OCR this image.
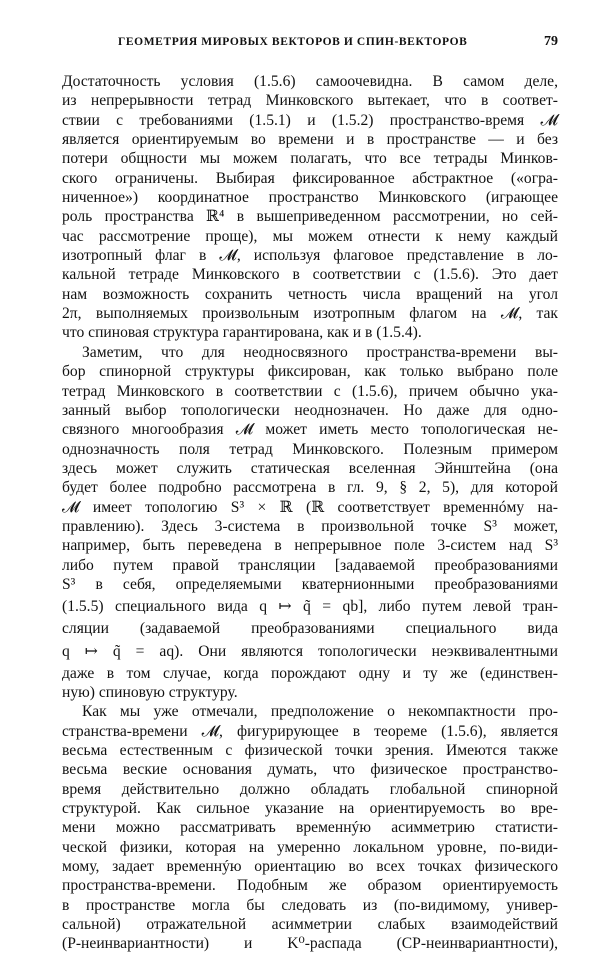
ГЕОМЕТРИЯ МИРОВЫХ ВЕКТОРОВ И СПИН-ВЕКТОРОВ	79
Достаточность условия (1.5.6) самоочевидна. В самом деле,
из непрерывности тетрад Минковского вытекает, что в соответ-
ствии с требованиями (1.5.1) и (1.5.2) пространство-время 𝓜
является ориентируемым во времени и в пространстве — и без
потери общности мы можем полагать, что все тетрады Минков-
ского ограничены. Выбирая фиксированное абстрактное («огра-
ниченное») координатное пространство Минковского (играющее
роль пространства ℝ⁴ в вышеприведенном рассмотрении, но сей-
час рассмотрение проще), мы можем отнести к нему каждый
изотропный флаг в 𝓜, используя флаговое представление в ло-
кальной тетраде Минковского в соответствии с (1.5.6). Это дает
нам возможность сохранить четность числа вращений на угол
2π, выполняемых произвольным изотропным флагом на 𝓜, так
что спиновая структура гарантирована, как и в (1.5.4).
Заметим, что для неодносвязного пространства-времени вы-
бор спинорной структуры фиксирован, как только выбрано поле
тетрад Минковского в соответствии с (1.5.6), причем обычно ука-
занный выбор топологически неоднозначен. Но даже для одно-
связного многообразия 𝓜 может иметь место топологическая не-
однозначность поля тетрад Минковского. Полезным примером
здесь может служить статическая вселенная Эйнштейна (она
будет более подробно рассмотрена в гл. 9, § 2, 5), для которой
𝓜 имеет топологию S³ × ℝ (ℝ соответствует временнóму на-
правлению). Здесь 3-система в произвольной точке S³ может,
например, быть переведена в непрерывное поле 3-систем над S³
либо путем правой трансляции [задаваемой преобразованиями
S³ в себя, определяемыми кватернионными преобразованиями
(1.5.5) специального вида q ↦ q̃ = qb], либо путем левой тран-
сляции (задаваемой преобразованиями специального вида
q ↦ q̃ = aq). Они являются топологически неэквивалентными
даже в том случае, когда порождают одну и ту же (единствен-
ную) спиновую структуру.
Как мы уже отмечали, предположение о некомпактности про-
странства-времени 𝓜, фигурирующее в теореме (1.5.6), является
весьма естественным с физической точки зрения. Имеются также
весьма веские основания думать, что физическое пространство-
время действительно должно обладать глобальной спинорной
структурой. Как сильное указание на ориентируемость во вре-
мени можно рассматривать временнýю асимметрию статисти-
ческой физики, которая на умеренно локальном уровне, по-види-
мому, задает временнýю ориентацию во всех точках физического
пространства-времени. Подобным же образом ориентируемость
в пространстве могла бы следовать из (по-видимому, универ-
сальной) отражательной асимметрии слабых взаимодействий
(P-неинвариантности) и K⁰-распада (CP-неинвариантности),
